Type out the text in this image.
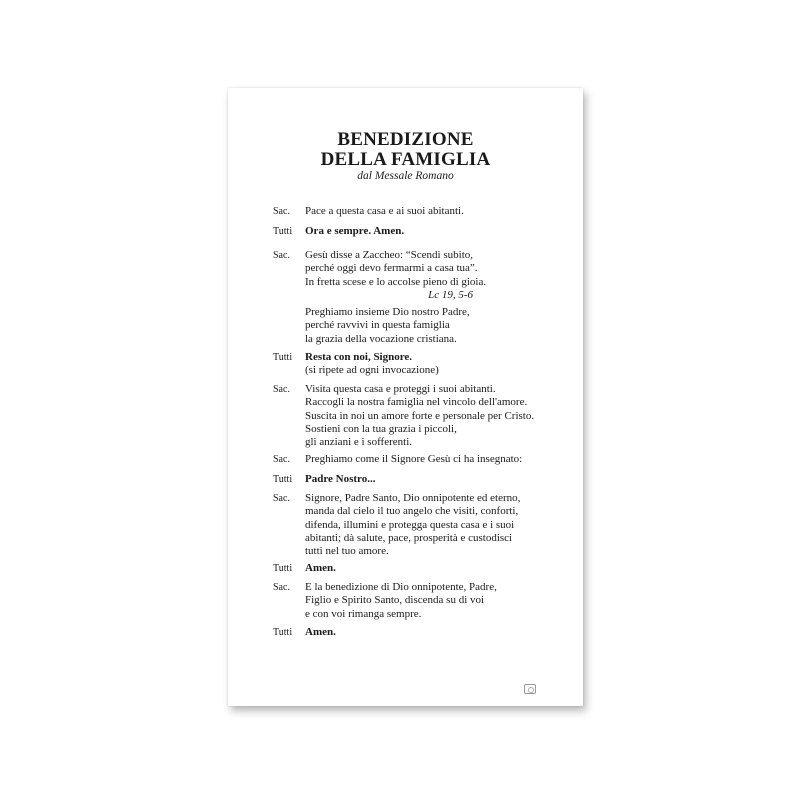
BENEDIZIONE
DELLA FAMIGLIA
dal Messale Romano
Sac.	Pace a questa casa e ai suoi abitanti.
Tutti	Ora e sempre. Amen.
Sac.	Gesù disse a Zaccheo: “Scendi subito,
perché oggi devo fermarmi a casa tua”.
In fretta scese e lo accolse pieno di gioia.
Lc 19, 5-6
Preghiamo insieme Dio nostro Padre,
perché ravvivi in questa famiglia
la grazia della vocazione cristiana.
Tutti	Resta con noi, Signore.
(si ripete ad ogni invocazione)
Sac.	Visita questa casa e proteggi i suoi abitanti.
Raccogli la nostra famiglia nel vincolo dell'amore.
Suscita in noi un amore forte e personale per Cristo.
Sostieni con la tua grazia i piccoli,
gli anziani e i sofferenti.
Sac.	Preghiamo come il Signore Gesù ci ha insegnato:
Tutti	Padre Nostro...
Sac.	Signore, Padre Santo, Dio onnipotente ed eterno,
manda dal cielo il tuo angelo che visiti, conforti,
difenda, illumini e protegga questa casa e i suoi
abitanti; dà salute, pace, prosperità e custodisci
tutti nel tuo amore.
Tutti	Amen.
Sac.	E la benedizione di Dio onnipotente, Padre,
Figlio e Spirito Santo, discenda su di voi
e con voi rimanga sempre.
Tutti	Amen.
